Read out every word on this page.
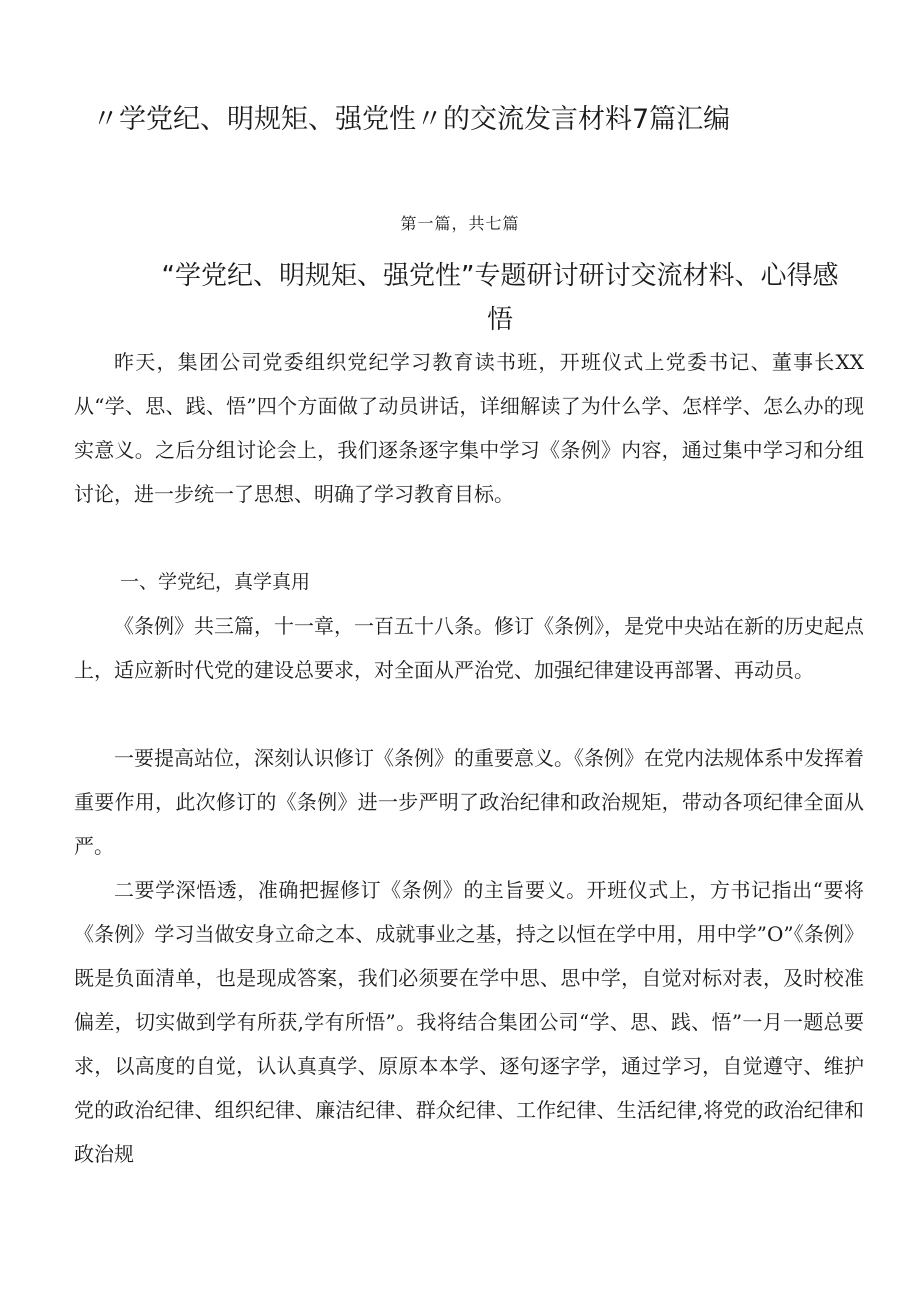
〃学党纪、明规矩、强党性〃的交流发言材料7篇汇编

第一篇，共七篇

“学党纪、明规矩、强党性”专题研讨研讨交流材料、心得感悟

昨天，集团公司党委组织党纪学习教育读书班，开班仪式上党委书记、董事长XX从“学、思、践、悟”四个方面做了动员讲话，详细解读了为什么学、怎样学、怎么办的现实意义。之后分组讨论会上，我们逐条逐字集中学习《条例》内容，通过集中学习和分组讨论，进一步统一了思想、明确了学习教育目标。

一、学党纪，真学真用

《条例》共三篇，十一章，一百五十八条。修订《条例》，是党中央站在新的历史起点上，适应新时代党的建设总要求，对全面从严治党、加强纪律建设再部署、再动员。

一要提高站位，深刻认识修订《条例》的重要意义。《条例》在党内法规体系中发挥着重要作用，此次修订的《条例》进一步严明了政治纪律和政治规矩，带动各项纪律全面从严。

二要学深悟透，准确把握修订《条例》的主旨要义。开班仪式上，方书记指出“要将《条例》学习当做安身立命之本、成就事业之基，持之以恒在学中用，用中学”O”《条例》既是负面清单，也是现成答案，我们必须要在学中思、思中学，自觉对标对表，及时校准偏差，切实做到学有所获,学有所悟”。我将结合集团公司“学、思、践、悟”一月一题总要求，以高度的自觉，认认真真学、原原本本学、逐句逐字学，通过学习，自觉遵守、维护党的政治纪律、组织纪律、廉洁纪律、群众纪律、工作纪律、生活纪律,将党的政治纪律和政治规
